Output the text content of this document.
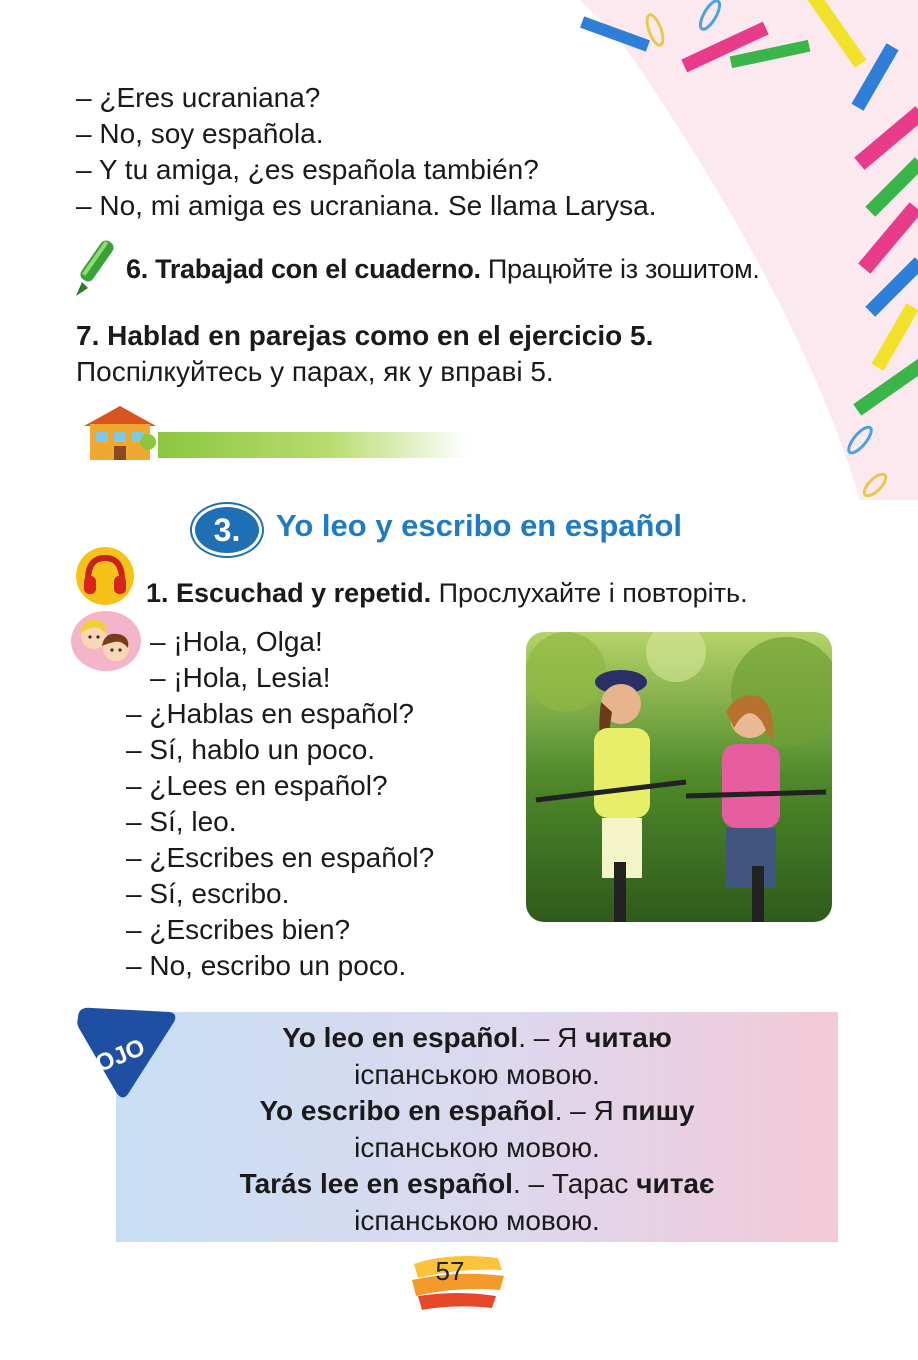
– ¿Eres ucraniana?
– No, soy española.
– Y tu amiga, ¿es española también?
– No, mi amiga es ucraniana. Se llama Larysa.
6. Trabajad con el cuaderno. Працюйте із зошитом.
7. Hablad en parejas como en el ejercicio 5.
Поспілкуйтесь у парах, як у вправі 5.
3.	Yo leo y escribo en español
1. Escuchad y repetid. Прослухайте і повторіть.
– ¡Hola, Olga!
– ¡Hola, Lesia!
– ¿Hablas en español?
– Sí, hablo un poco.
– ¿Lees en español?
– Sí, leo.
– ¿Escribes en español?
– Sí, escribo.
– ¿Escribes bien?
– No, escribo un poco.
OJO	Yo leo en español. – Я читаю
іспанською мовою.
Yo escribo en español. – Я пишу
іспанською мовою.
Tarás lee en español. – Тарас читає
іспанською мовою.
57
